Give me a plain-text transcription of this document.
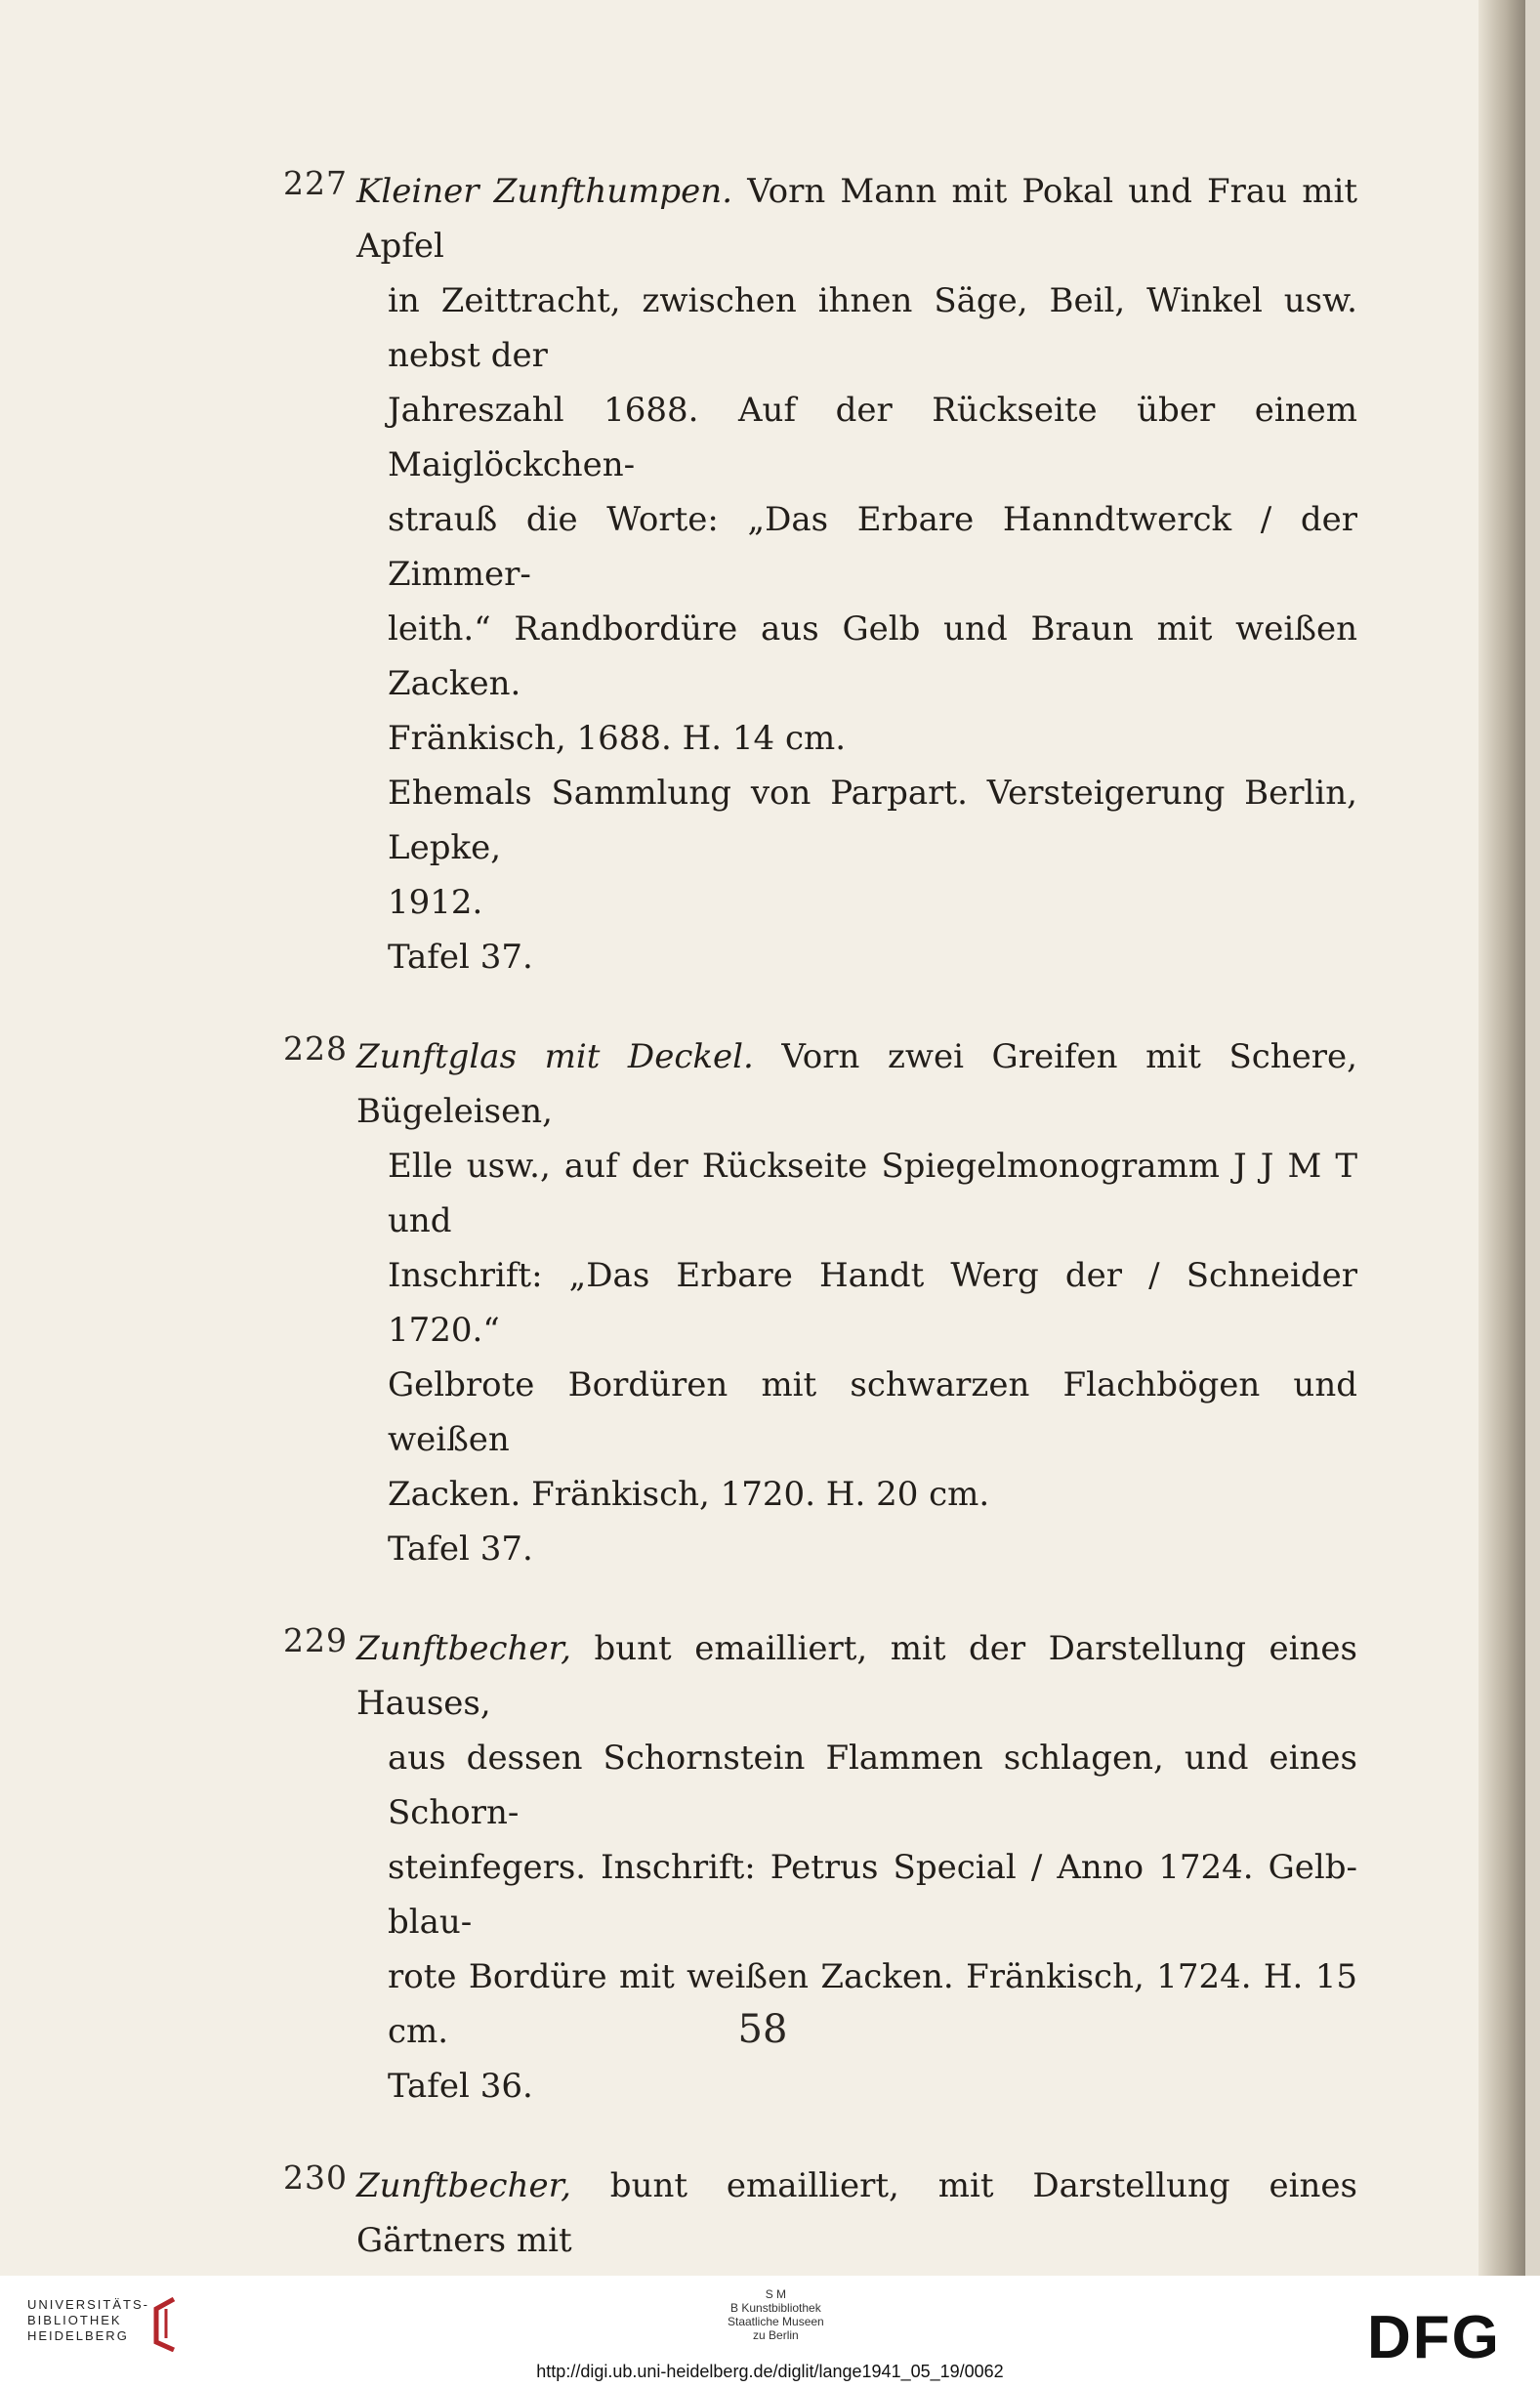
227 Kleiner Zunfthumpen. Vorn Mann mit Pokal und Frau mit Apfel
in Zeittracht, zwischen ihnen Säge, Beil, Winkel usw. nebst der
Jahreszahl 1688. Auf der Rückseite über einem Maiglöckchen-
strauß die Worte: „Das Erbare Hanndtwerck / der Zimmer-
leith.“ Randbordüre aus Gelb und Braun mit weißen Zacken.
Fränkisch, 1688. H. 14 cm.
Ehemals Sammlung von Parpart. Versteigerung Berlin, Lepke,
1912.
Tafel 37.
228 Zunftglas mit Deckel. Vorn zwei Greifen mit Schere, Bügeleisen,
Elle usw., auf der Rückseite Spiegelmonogramm J J M T und
Inschrift: „Das Erbare Handt Werg der / Schneider 1720.“
Gelbrote Bordüren mit schwarzen Flachbögen und weißen
Zacken. Fränkisch, 1720. H. 20 cm.
Tafel 37.
229 Zunftbecher, bunt emailliert, mit der Darstellung eines Hauses,
aus dessen Schornstein Flammen schlagen, und eines Schorn-
steinfegers. Inschrift: Petrus Special / Anno 1724. Gelb-blau-
rote Bordüre mit weißen Zacken. Fränkisch, 1724. H. 15 cm.
Tafel 36.
230 Zunftbecher, bunt emailliert, mit Darstellung eines Gärtners mit
58
UNIVERSITÄTS-
BIBLIOTHEK
HEIDELBERG
S M
B Kunstbibliothek
Staatliche Museen
zu Berlin	DFG
http://digi.ub.uni-heidelberg.de/diglit/lange1941_05_19/0062
